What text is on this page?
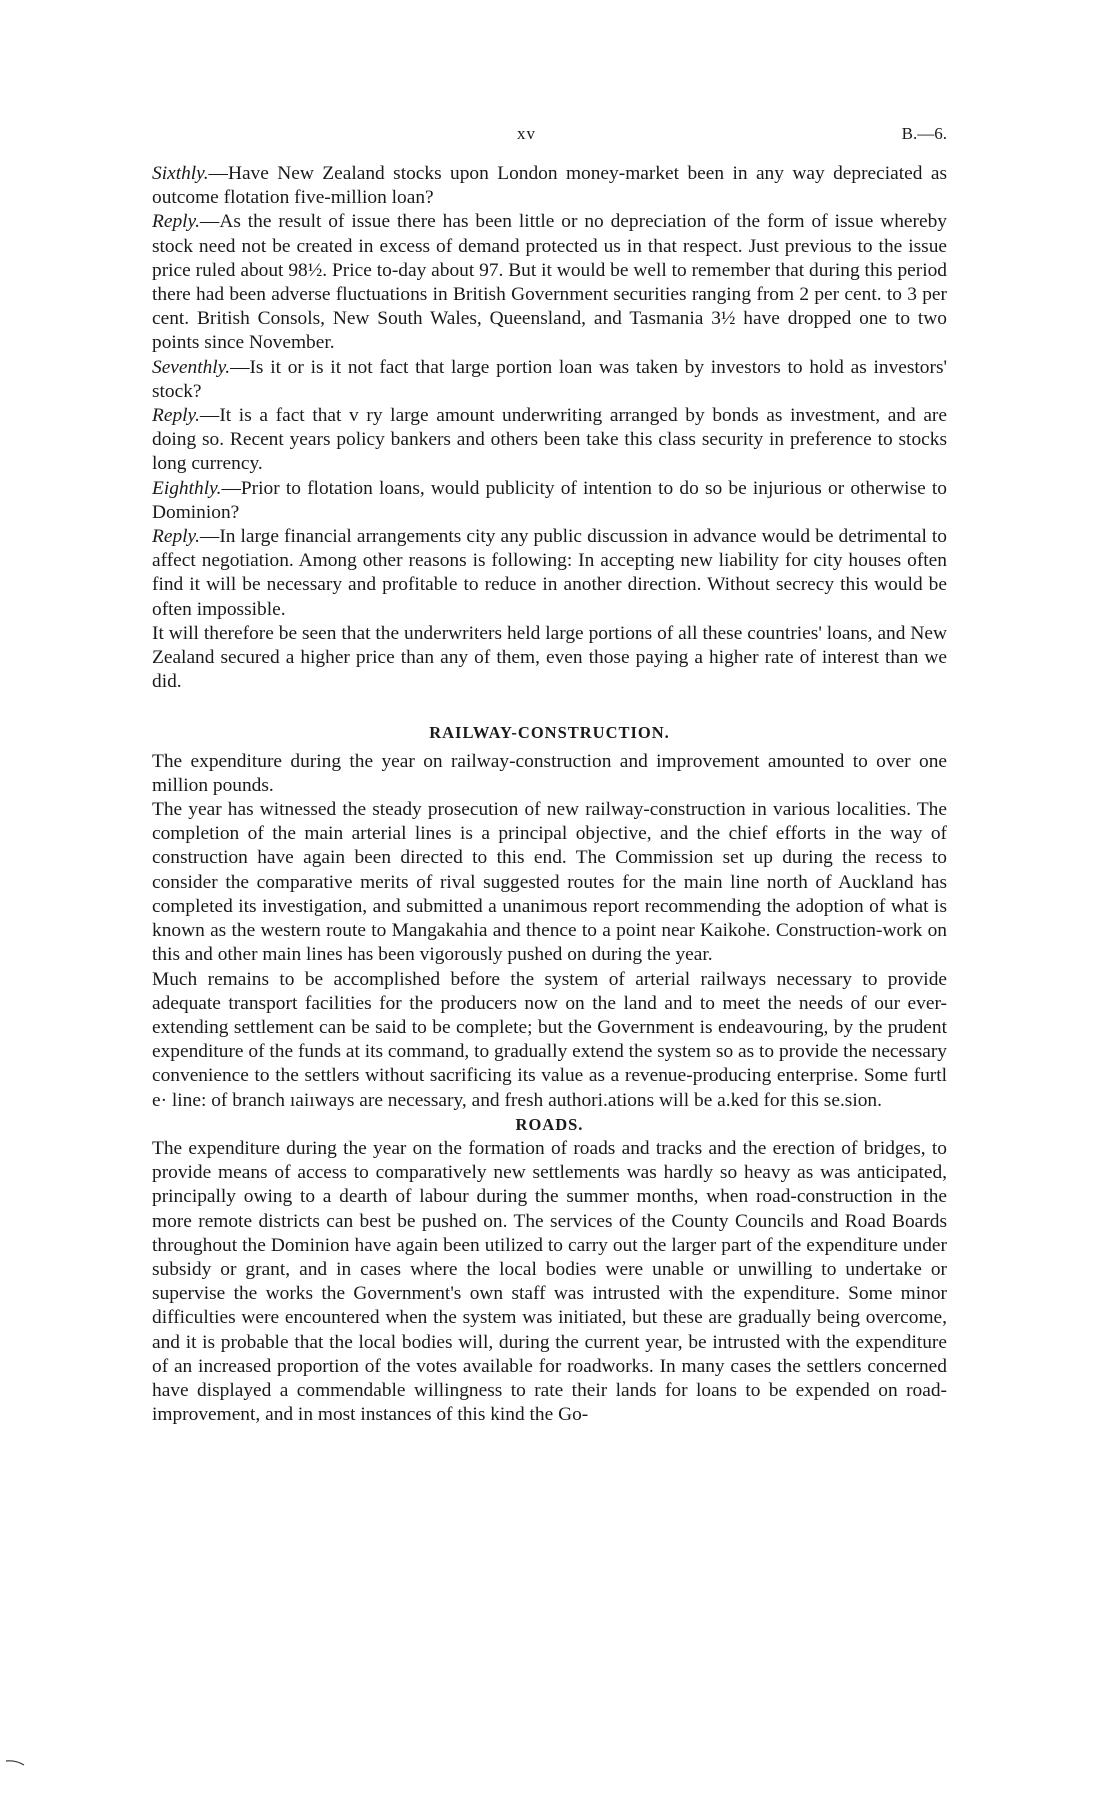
xv	B.—6.

Sixthly.—Have New Zealand stocks upon London money-market been in any way depreciated as outcome flotation five-million loan?

Reply.—As the result of issue there has been little or no depreciation of the form of issue whereby stock need not be created in excess of demand protected us in that respect. Just previous to the issue price ruled about 98½. Price to-day about 97. But it would be well to remember that during this period there had been adverse fluctuations in British Government securities ranging from 2 per cent. to 3 per cent. British Consols, New South Wales, Queensland, and Tasmania 3½ have dropped one to two points since November.

Seventhly.—Is it or is it not fact that large portion loan was taken by investors to hold as investors' stock?

Reply.—It is a fact that v ry large amount underwriting arranged by bonds as investment, and are doing so. Recent years policy bankers and others been take this class security in preference to stocks long currency.

Eighthly.—Prior to flotation loans, would publicity of intention to do so be injurious or otherwise to Dominion?

Reply.—In large financial arrangements city any public discussion in advance would be detrimental to affect negotiation. Among other reasons is following: In accepting new liability for city houses often find it will be necessary and profitable to reduce in another direction. Without secrecy this would be often impossible.

It will therefore be seen that the underwriters held large portions of all these countries' loans, and New Zealand secured a higher price than any of them, even those paying a higher rate of interest than we did.

RAILWAY-CONSTRUCTION.

The expenditure during the year on railway-construction and improvement amounted to over one million pounds.

The year has witnessed the steady prosecution of new railway-construction in various localities. The completion of the main arterial lines is a principal objective, and the chief efforts in the way of construction have again been directed to this end. The Commission set up during the recess to consider the comparative merits of rival suggested routes for the main line north of Auckland has completed its investigation, and submitted a unanimous report recommending the adoption of what is known as the western route to Mangakahia and thence to a point near Kaikohe. Construction-work on this and other main lines has been vigorously pushed on during the year.

Much remains to be accomplished before the system of arterial railways necessary to provide adequate transport facilities for the producers now on the land and to meet the needs of our ever-extending settlement can be said to be complete; but the Government is endeavouring, by the prudent expenditure of the funds at its command, to gradually extend the system so as to provide the necessary convenience to the settlers without sacrificing its value as a revenue-producing enterprise. Some furtl e· line: of branch ıaiıways are necessary, and fresh authori.ations will be a.ked for this se.sion.

ROADS.

The expenditure during the year on the formation of roads and tracks and the erection of bridges, to provide means of access to comparatively new settlements was hardly so heavy as was anticipated, principally owing to a dearth of labour during the summer months, when road-construction in the more remote districts can best be pushed on. The services of the County Councils and Road Boards throughout the Dominion have again been utilized to carry out the larger part of the expenditure under subsidy or grant, and in cases where the local bodies were unable or unwilling to undertake or supervise the works the Government's own staff was intrusted with the expenditure. Some minor difficulties were encountered when the system was initiated, but these are gradually being overcome, and it is probable that the local bodies will, during the current year, be intrusted with the expenditure of an increased proportion of the votes available for roadworks. In many cases the settlers concerned have displayed a commendable willingness to rate their lands for loans to be expended on road-improvement, and in most instances of this kind the Go-
